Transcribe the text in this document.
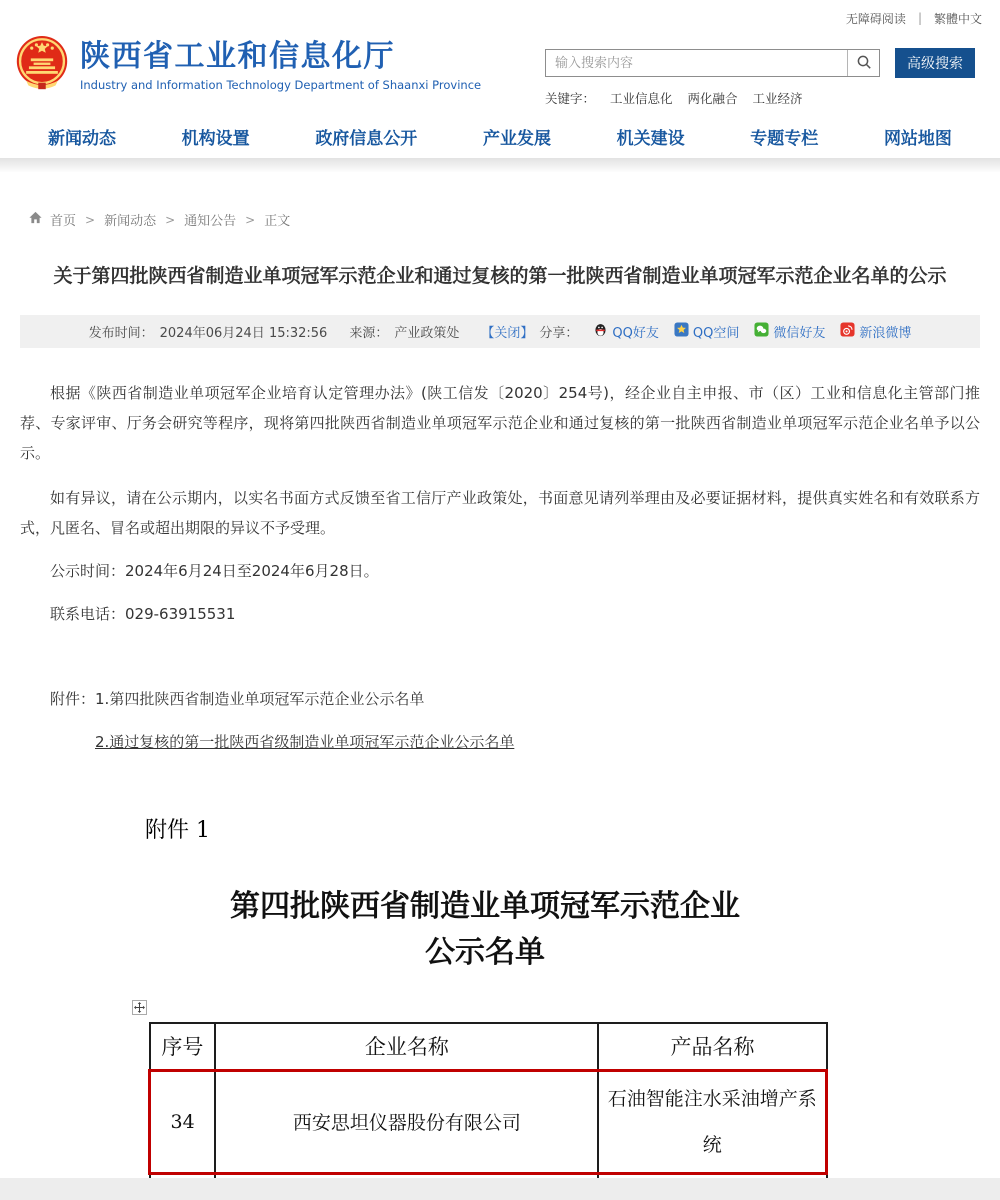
无障碍阅读 | 繁體中文
陕西省工业和信息化厅
Industry and Information Technology Department of Shaanxi Province
输入搜索内容
高级搜索
关键字： 工业信息化 两化融合 工业经济
新闻动态	机构设置	政府信息公开	产业发展	机关建设	专题专栏	网站地图
首页 > 新闻动态 > 通知公告 > 正文
关于第四批陕西省制造业单项冠军示范企业和通过复核的第一批陕西省制造业单项冠军示范企业名单的公示
发布时间： 2024年06月24日 15:32:56 来源： 产业政策处 【关闭】 分享：	QQ好友	QQ空间	微信好友	新浪微博

根据《陕西省制造业单项冠军企业培育认定管理办法》(陕工信发〔2020〕254号)，经企业自主申报、市（区）工业和信息化主管部门推荐、专家评审、厅务会研究等程序，现将第四批陕西省制造业单项冠军示范企业和通过复核的第一批陕西省制造业单项冠军示范企业名单予以公示。

如有异议，请在公示期内，以实名书面方式反馈至省工信厅产业政策处，书面意见请列举理由及必要证据材料，提供真实姓名和有效联系方式，凡匿名、冒名或超出期限的异议不予受理。

公示时间：2024年6月24日至2024年6月28日。

联系电话：029-63915531

附件：1.第四批陕西省制造业单项冠军示范企业公示名单
2.通过复核的第一批陕西省级制造业单项冠军示范企业公示名单
附件 1
第四批陕西省制造业单项冠军示范企业
公示名单
序号	企业名称	产品名称
34	西安思坦仪器股份有限公司	石油智能注水采油增产系统
